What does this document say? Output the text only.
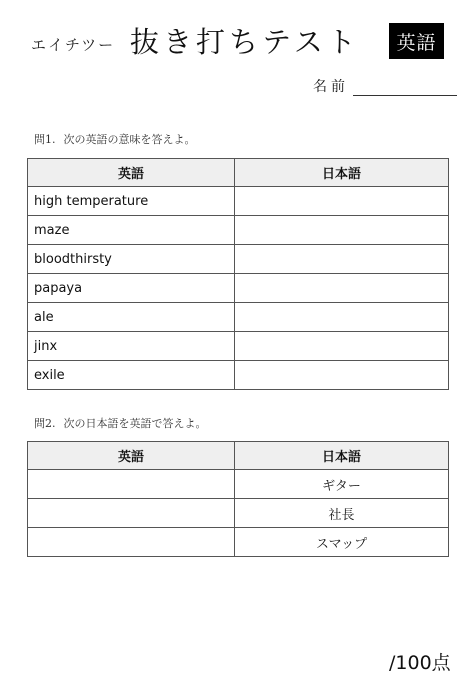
エイチツー 抜き打ちテスト	英語
名前
問1. 次の英語の意味を答えよ。
英語	日本語
high temperature	
maze	
bloodthirsty	
papaya	
ale	
jinx	
exile	
問2. 次の日本語を英語で答えよ。
英語	日本語
	ギター
	社長
	スマップ
/100点
